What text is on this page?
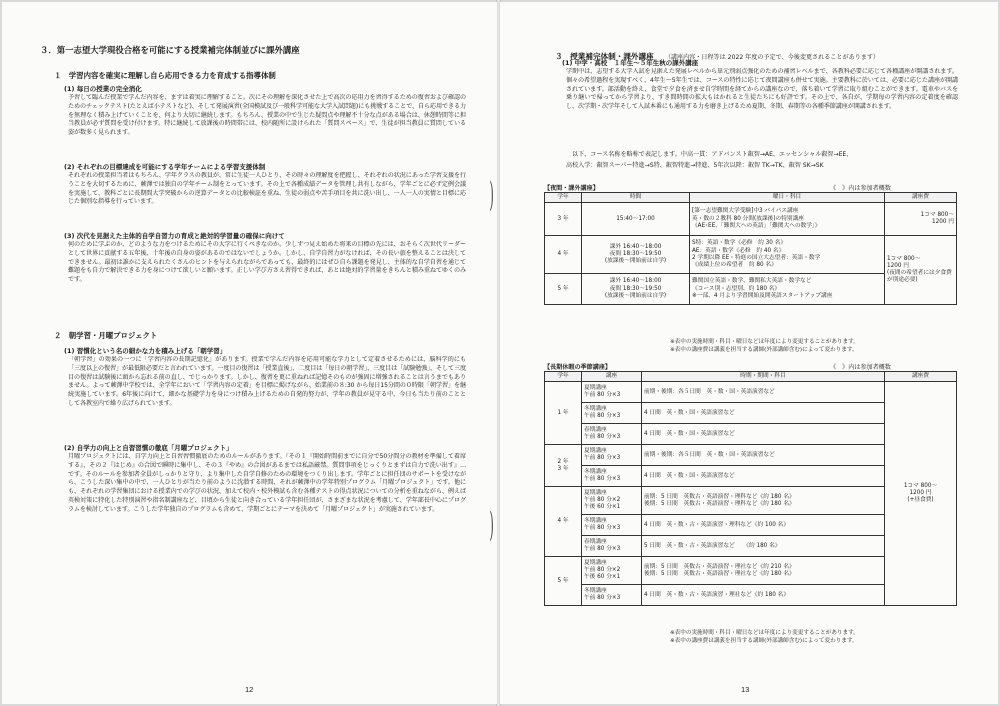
３．第一志望大学現役合格を可能にする授業補完体制並びに課外講座
１　学習内容を確実に理解し自ら応用できる力を育成する指導体制
(1) 毎日の授業の完全消化
予習して臨んだ授業で学んだ内容を、まずは着実に理解すること。次にその理解を深化させた上で高次の応用力を習得するための復習および確認のためのチェックテスト(たとえば小テストなど)、そして発展演習(全国模試及び一般科学可能な大学入試問題)にも挑戦することで、自ら応用できる力を無理なく積み上げていくことを、何より大切に継続します。もちろん、授業の中で生じた疑問点や理解不十分な点がある場合は、休憩時間等に担当教員が必ず質問を受け付けます。特に継続して放課後の時間帯には、校内随所に設けられた「質問スペース」で、生徒が担当教員に質問している姿が数多く見られます。
(2) それぞれの目標達成を可能にする学年チームによる学習支援体制
それぞれの授業担当者はもちろん、学年クラスの教員が、常に生徒一人ひとり、その時々の理解度を把握し、それぞれの状況にあった学習支援を行うことを大切するために、蕨澤では独自の学年チーム制をとっています。その上で各種成績データを管理し共有しながら、学年ごとに必ず定例会議を実施して、教科ごとに長期間大学突破からの逆算データとの比較検証を重ね、生徒の弱点や苦手項目を共に洗い出し、一人一人の実情と目標に応じた個別な指導を行っています。
(3) 次代を見据えた主体的自学自習力の育成と絶対的学習量の確保に向けて
何のために学ぶのか、どのような力をつけるためにその大学に行くべきなのか。少しずつ見え始めた将来の目標の先には、おそらく次世代リーダーとして世界に貢献する五年後、十年後の自身の姿があるのではないでしょうか。しかし、自学自習力がなければ、その長い旅を整えることは決してできません。最初は誰かに支えられたくさんのヒントを与えられながらであっても、最終的にはぜひ自ら課題を発見し、主体的な自学自習を通じて難題をも自力で解決できる力を身につけて欲しいと願います。正しい学び方さえ習得できれば、あとは絶対的学習量をきちんと積み重ねてゆくのみです。
２　朝学習・月曜プロジェクト
(1) 習慣化という名の細かな力を積み上げる「朝学習」
「朝学習」の効果の一つに「学習内容の長期記憶化」があります。授業で学んだ内容を応用可能な学力として定着させるためには、脳科学的にも「三度以上の復習」が最低限必要だと言われています。一度目の復習は「授業直後」、二度目は「毎日の朝学習」、三度目は「試験勉強」、そして三度目の復習は試験後に頭から忘れる前の直し、でじっかります。しかし、復習を更に重ねれば記憶そのものが強固に増強されることは言うまでもありません。よって蕨澤中学校では、全学年において「学習内容の定着」を目標に掲げながら、始業前の８:30 から毎日15分間の０時限「朝学習」を継続実施しています。6年後に向けて、細かな基礎学力を身につけ積み上げるための自発的努力が、学年の教員が見守る中、今日も当たり前のこととして各教室内で繰り広げられています。
(2) 自学力の向上と自習習慣の徹底「月曜プロジェクト」
月曜プロジェクトには、自学力向上と自習習慣徹底のためのルールがあります。『その１『開始時間前までに自分で50分間分の教材を準備して着席する』、その２『はじめ』の合図で瞬時に集中し、その３『やめ』の合図があるまでは私語厳禁。質問事項をじっくりとまずは自力で洗い出す』…です。そのルールを参加者全員がしっかりと守り、より集中した自学自修のための環境をつくり出します。学年ごとに担任団のサポートを受けながら、こうした深い集中の中で、一人ひとりが当たり前のように沈潜する時間、それが蕨澤中の学年特別プログラム「月曜プロジェクト」です。他にも、それぞれの学習集団における授業内での学びの状況、加えて校内・校外模試も含む各種テストの得点状況についての分析を重ねながら、例えば英検対策に特化した特別演習や指名制講座など、目頃から生徒と向き合っている学年担任団が、さまざまな状況を考慮して、学年部長中心にプログラムを検討しています。こうした学年独自のプログラムも含めて、学期ごとにテーマを決めて「月曜プロジェクト」が実施されています。
12
)
)
３　授業補完体制・課外講座 （講座内容・日程等は 2022 年度の予定で、今後変更されることがあります）
(1) 中学・高校　１年生〜５年生秋の課外講座
学期中は、志望する大学入試を見据えた発展レベルから単元別弱点強化のための補習レベルまで、各教科必要に応じて各種講座が開講されます。個々の希望過程を実現すべく、4年生〜5年生では、コースの特性に応じて夜間講座も併せて実施。主要教科に於いては、必要に応じた講座が開講されています。部活動を終え、食堂で夕食を済ませ自学時間を経てからの講座なので、落ち着いて学習に取り組むことができます。電車やバスを乗り継いで帰ってから学習より、すき間時間の拡大もはかれると生徒たちにも好評です。その上で、各自が、学期毎の学習内容の定着度を確認し、次学期・次学年そして入試本番にも通用する力を磨き上げるため夏期、冬期、春期等の各種季節講座が開講されます。
以下、コース名称を略称で表記します。中高一貫：アドバンスト叡智→AE、エッセンシャル叡智→EE、
高校入学：叡智スーパー特進→S特、叡智特進→特進、5年次以降：叡智 TK→TK、叡智 SK→SK
【夜間・課外講座】	《　》内は参加者概数
学年	時間	曜日・科目	講座費
3 年	15:40〜17:00	[第一志望難関大学受験]中3 バイパス講座
英・数の２教科 80 分間(放課後)の特別講座
《AE･EE、「難関大への英語」「難関大への数学」》	1コマ 800〜
1200 円
4 年	課外 16:40〜18:00
夜間 18:30〜19:50
(放課後〜開始前は自学)	S特：英語・数学《必修　約 30 名》
AE：英語・数学《必修　約 40 名》
2 学期以降 EE・特進の国立大志望者：英語・数学
《成績上位の希望者　約 80 名》	1コマ 800〜
1200 円
(夜間の希望者には夕食費が別途必要)
5 年	課外 16:40〜18:00
夜間 18:30〜19:50
(放課後〜開始前は自学)	難関国立英語・数学、難関私大英語・数学など
《コース別・志望別、約 180 名》
※一部、4 月より学習開始及開英語スタートアップ講座	
※表中の実施時間・科目・曜日などは年度により変更することがあります。
※表中の講座費は講義を担当する講師(外部講師含む)によって変わります。
【長期休暇の季節講座】	《　》内は参加者概数
学年	講座	時期・期間・科目	講座費
1 年	夏期講座
午前 80 分×3	前期・後期：各５日間　英・数・国・英語演習など	1コマ 800〜
1200 円
(+昼食費)
	冬期講座
午前 80 分×3	4 日間　英・数・国・英語演習など	
	春期講座
午前 80 分×3	4 日間　英・数・国・英語演習など	
2 年
3 年	夏期講座
午前 80 分×3	前期・後期：各５日間　英・数・国・英語演習など	
	冬期講座
午前 80 分×3	4 日間　英・数・国・英語演習など	
4 年	夏期講座
午前 80 分×2
午後 60 分×1	前期：5 日間　英数古・英語演習・理科など《約 180 名》
後期：5 日間　英数古・英語演習・理科など《約 180 名》	
	冬期講座
午前 80 分×3	4 日間　英・数・古・英語演習・理科など《約 100 名》	
	春期講座
午前 80 分×3	5 日間　英・数・古・英語演習など　　《約 180 名》	
5 年	夏期講座
午前 80 分×2
午後 60 分×1	前期：5 日間　英数古・英語演習・理社など《約 210 名》
後期：5 日間　英数古・英語演習・理社など《約 180 名》	
	冬期講座
午前 80 分×3	4 日間　英・数・古・英語演習・理社など《約 180 名》	
※表中の実施時間・科目・曜日などは年度により変更することがあります。
※表中の講座費は講義を担当する講師(外部講師含む)によって変わります。
13
